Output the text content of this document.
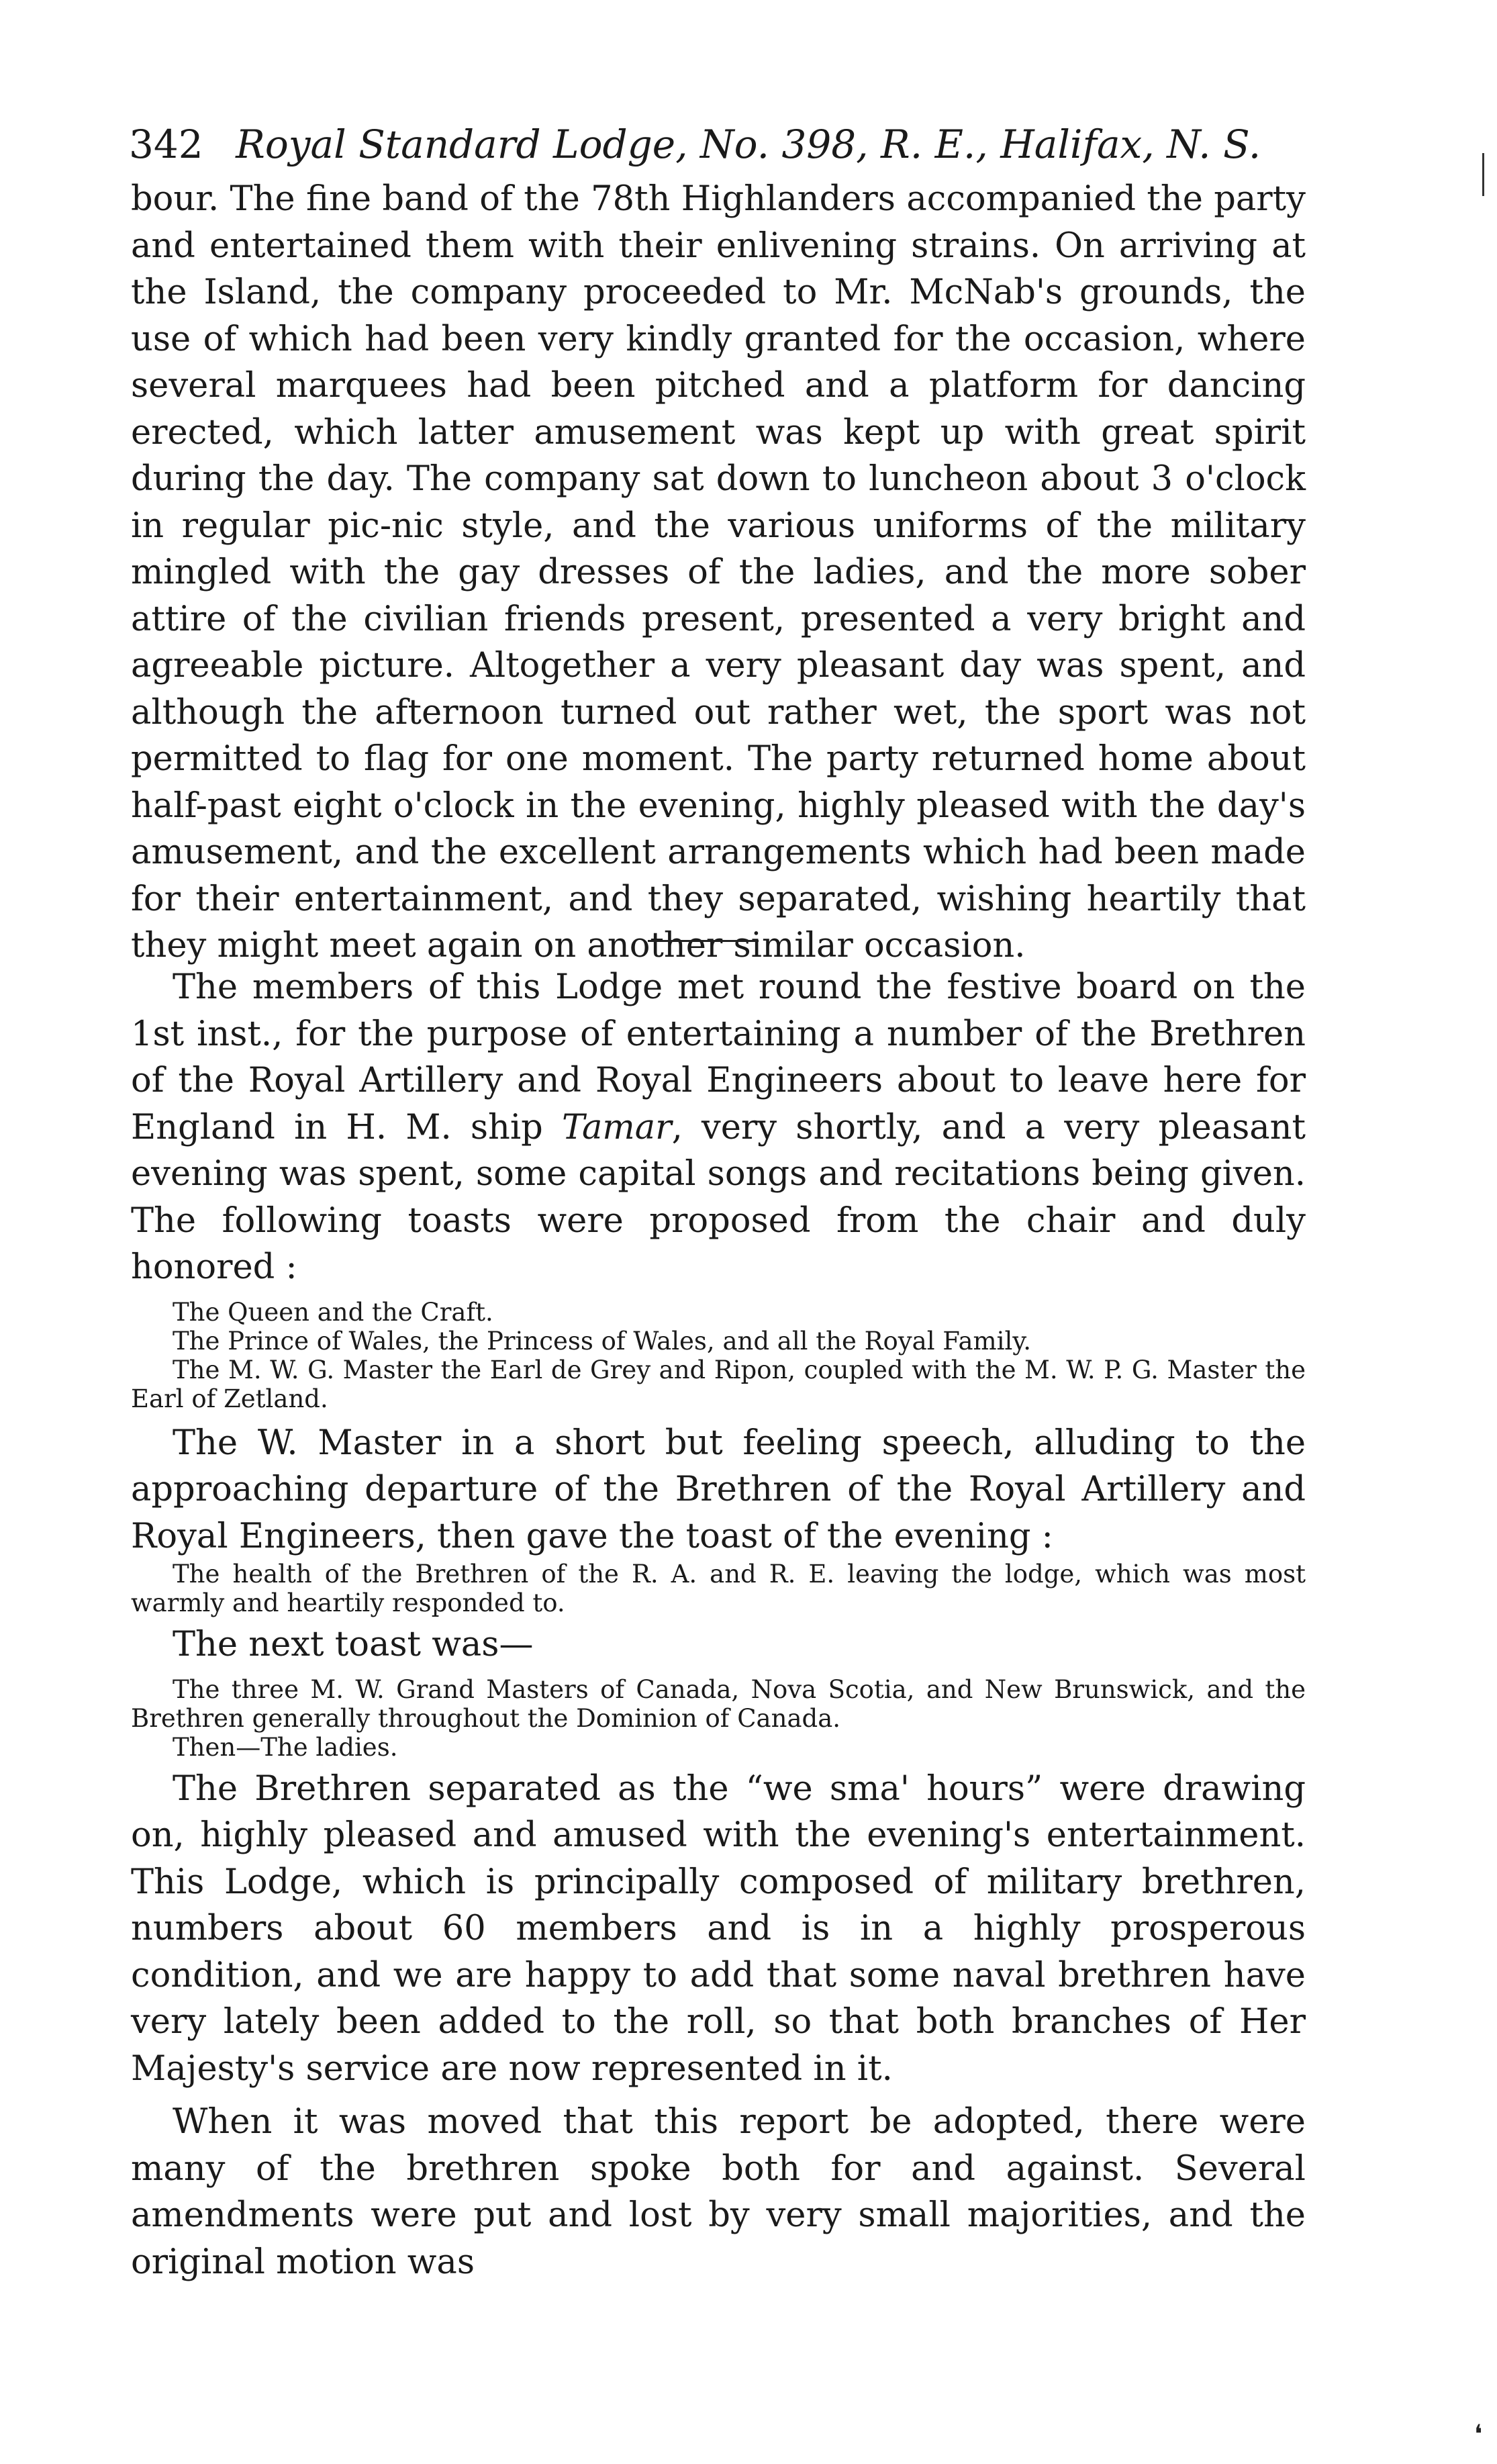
342 Royal Standard Lodge, No. 398, R. E., Halifax, N. S.

bour. The fine band of the 78th Highlanders accompanied the party and entertained them with their enlivening strains. On arriving at the Island, the company proceeded to Mr. McNab's grounds, the use of which had been very kindly granted for the occasion, where several marquees had been pitched and a platform for dancing erected, which latter amusement was kept up with great spirit during the day. The company sat down to luncheon about 3 o'clock in regular pic-nic style, and the various uniforms of the military mingled with the gay dresses of the ladies, and the more sober attire of the civilian friends present, presented a very bright and agreeable picture. Altogether a very pleasant day was spent, and although the afternoon turned out rather wet, the sport was not permitted to flag for one moment. The party returned home about half-past eight o'clock in the evening, highly pleased with the day's amusement, and the excellent arrangements which had been made for their entertainment, and they separated, wishing heartily that they might meet again on another similar occasion.

The members of this Lodge met round the festive board on the 1st inst., for the purpose of entertaining a number of the Brethren of the Royal Artillery and Royal Engineers about to leave here for England in H. M. ship Tamar, very shortly, and a very pleasant evening was spent, some capital songs and recitations being given. The following toasts were proposed from the chair and duly honored :

The Queen and the Craft.

The Prince of Wales, the Princess of Wales, and all the Royal Family.

The M. W. G. Master the Earl de Grey and Ripon, coupled with the M. W. P. G. Master the Earl of Zetland.

The W. Master in a short but feeling speech, alluding to the approaching departure of the Brethren of the Royal Artillery and Royal Engineers, then gave the toast of the evening :

The health of the Brethren of the R. A. and R. E. leaving the lodge, which was most warmly and heartily responded to.

The next toast was—

The three M. W. Grand Masters of Canada, Nova Scotia, and New Brunswick, and the Brethren generally throughout the Dominion of Canada.

Then—The ladies.

The Brethren separated as the “we sma' hours” were drawing on, highly pleased and amused with the evening's entertainment. This Lodge, which is principally composed of military brethren, numbers about 60 members and is in a highly prosperous condition, and we are happy to add that some naval brethren have very lately been added to the roll, so that both branches of Her Majesty's service are now represented in it.

When it was moved that this report be adopted, there were many of the brethren spoke both for and against. Several amendments were put and lost by very small majorities, and the original motion was

❛
